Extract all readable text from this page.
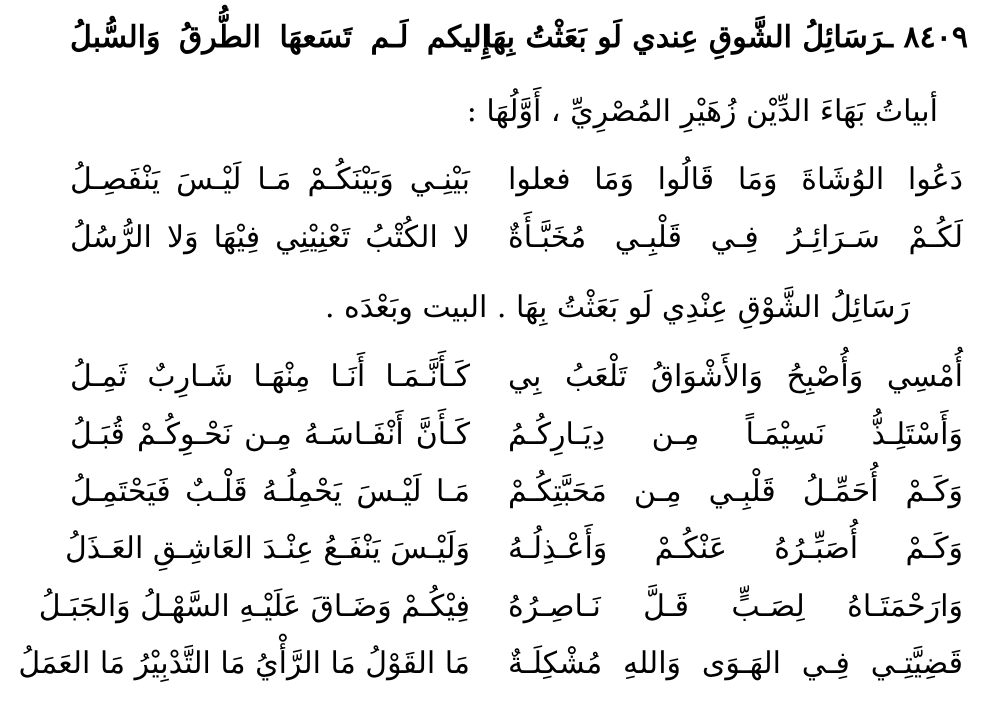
٨٤٠٩ ـرَسَائِلُ الشَّوقِ عِندي لَو بَعَثْتُ بِهَا
إِليكم لَـم تَسَعهَا الطُّرقُ وَالسُّبلُ
أبياتُ بَهَاءَ الدِّيْن زُهَيْرِ المُصْرِيِّ ، أَوَّلُهَا :
دَعُوا الوُشَاةَ وَمَا قَالُوا وَمَا فعلوا
بَيْنِـي وَبَيْنَكُـمْ مَـا لَيْـسَ يَنْفَصِـلُ
لَكُـمْ سَـرَائِـرُ فِـي قَلْبِـي مُخَبَّـأَةٌ
لا الكُتْبُ تَعْنِيْنِي فِيْهَا وَلا الرُّسُلُ
رَسَائِلُ الشَّوْقِ عِنْدِي لَو بَعَثْتُ بِهَا . البيت وبَعْدَه .
أُمْسِي وَأُصْبِحُ وَالأَشْوَاقُ تَلْعَبُ بِي
كَـأَنَّـمَـا أَنَـا مِنْهَـا شَـارِبٌ ثَمِـلُ
وَأَسْتَلِـذُّ نَسِيْمَـاً مِـن دِيَـارِكُـمُ
كَـأَنَّ أَنْفَـاسَـهُ مِـن نَحْـوِكُـمْ قُبَـلُ
وَكَـمْ أُحَمِّـلُ قَلْبِـي مِـن مَحَبَّتِكُـمْ
مَـا لَيْـسَ يَحْمِلُـهُ قَلْـبٌ فَيَحْتَمِـلُ
وَكَـمْ أُصَبِّـرُهُ عَنْكُـمْ وَأَعْـذِلُـهُ
وَلَيْـسَ يَنْفَـعُ عِنْـدَ العَاشِـقِ العَـذَلُ
وَارَحْمَتَـاهُ لِصَـبٍّ قَـلَّ نَـاصِـرُهُ
فِيْكُـمْ وَضَـاقَ عَلَيْـهِ السَّهْـلُ وَالجَبَـلُ
قَضِيَّتِـي فِـي الهَـوَى وَاللهِ مُشْكِلَـةٌ
مَا القَوْلُ مَا الرَّأْيُ مَا التَّدْبِيْرُ مَا العَمَلُ
